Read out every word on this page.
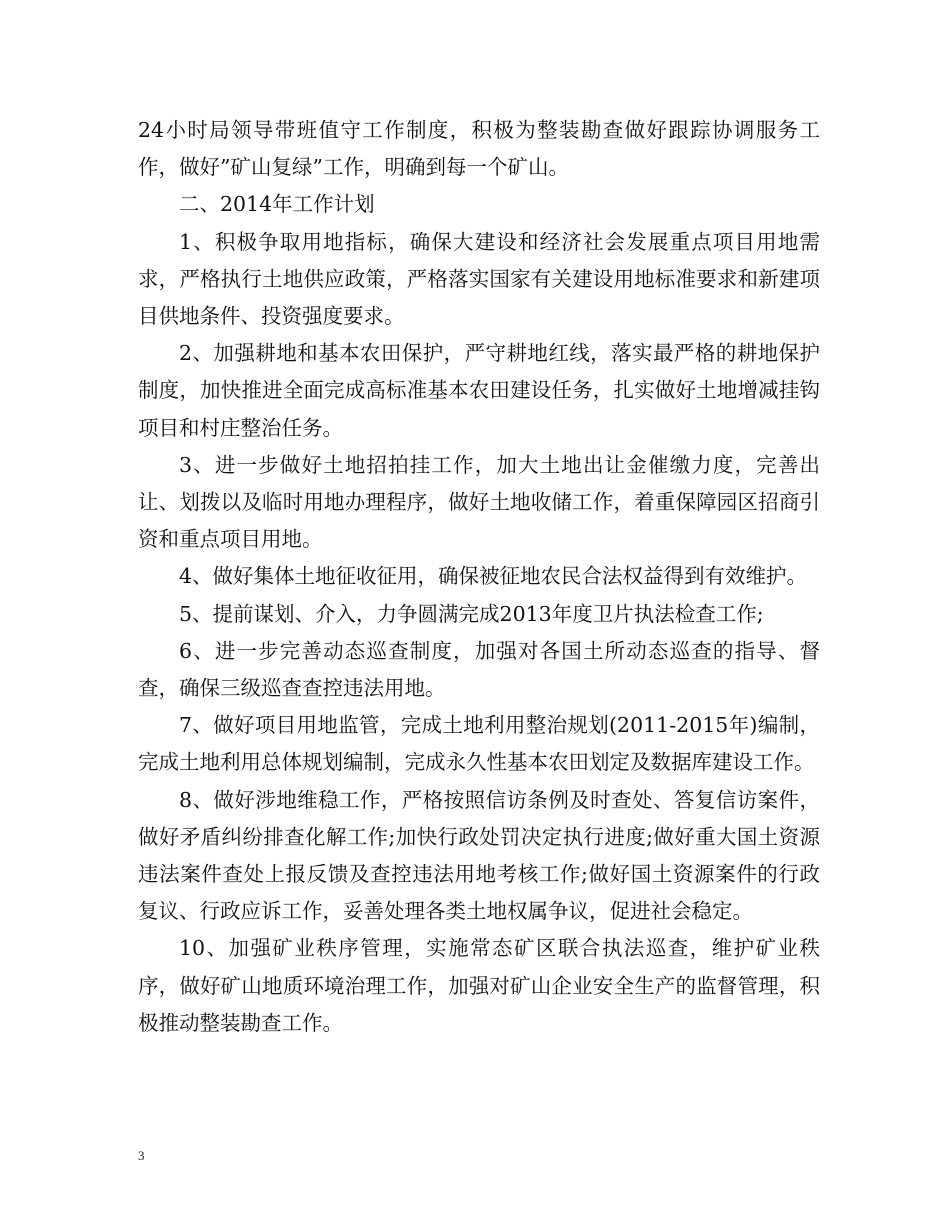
24小时局领导带班值守工作制度，积极为整装勘查做好跟踪协调服务工作，做好”矿山复绿”工作，明确到每一个矿山。

二、2014年工作计划

1、积极争取用地指标，确保大建设和经济社会发展重点项目用地需求，严格执行土地供应政策，严格落实国家有关建设用地标准要求和新建项目供地条件、投资强度要求。

2、加强耕地和基本农田保护，严守耕地红线，落实最严格的耕地保护制度，加快推进全面完成高标准基本农田建设任务，扎实做好土地增减挂钩项目和村庄整治任务。

3、进一步做好土地招拍挂工作，加大土地出让金催缴力度，完善出让、划拨以及临时用地办理程序，做好土地收储工作，着重保障园区招商引资和重点项目用地。

4、做好集体土地征收征用，确保被征地农民合法权益得到有效维护。

5、提前谋划、介入，力争圆满完成2013年度卫片执法检查工作;

6、进一步完善动态巡查制度，加强对各国土所动态巡查的指导、督查，确保三级巡查查控违法用地。

7、做好项目用地监管，完成土地利用整治规划(2011-2015年)编制，完成土地利用总体规划编制，完成永久性基本农田划定及数据库建设工作。

8、做好涉地维稳工作，严格按照信访条例及时查处、答复信访案件，做好矛盾纠纷排查化解工作;加快行政处罚决定执行进度;做好重大国土资源违法案件查处上报反馈及查控违法用地考核工作;做好国土资源案件的行政复议、行政应诉工作，妥善处理各类土地权属争议，促进社会稳定。

10、加强矿业秩序管理，实施常态矿区联合执法巡查，维护矿业秩序，做好矿山地质环境治理工作，加强对矿山企业安全生产的监督管理，积极推动整装勘查工作。

3
